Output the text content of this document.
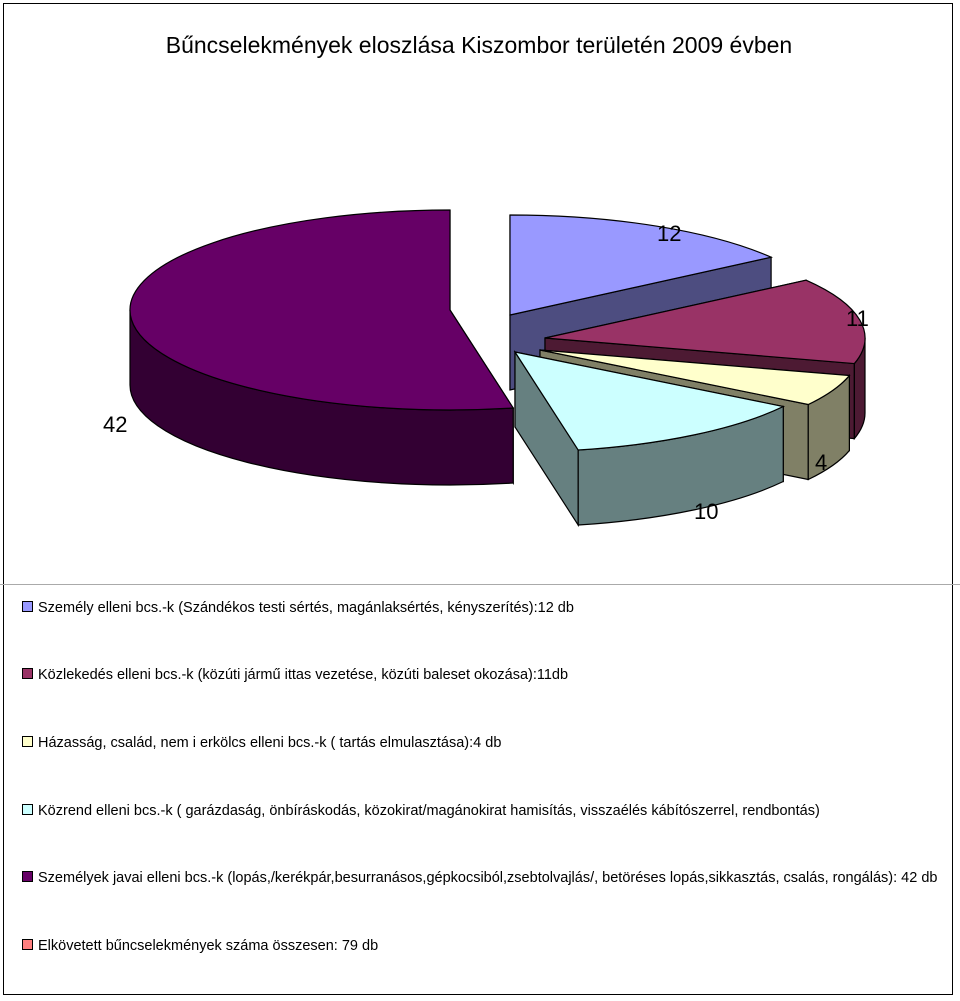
Bűncselekmények eloszlása Kiszombor területén 2009 évben
12
11
4
10
42
Személy elleni bcs.-k (Szándékos testi sértés, magánlaksértés, kényszerítés):12 db
Közlekedés elleni bcs.-k (közúti jármű ittas vezetése, közúti baleset okozása):11db
Házasság, család, nem i erkölcs elleni bcs.-k ( tartás elmulasztása):4 db
Közrend elleni bcs.-k ( garázdaság, önbíráskodás, közokirat/magánokirat hamisítás, visszaélés kábítószerrel, rendbontás)
Személyek javai elleni bcs.-k (lopás,/kerékpár,besurranásos,gépkocsiból,zsebtolvajlás/, betöréses lopás,sikkasztás, csalás, rongálás): 42 db
Elkövetett bűncselekmények száma összesen: 79 db
